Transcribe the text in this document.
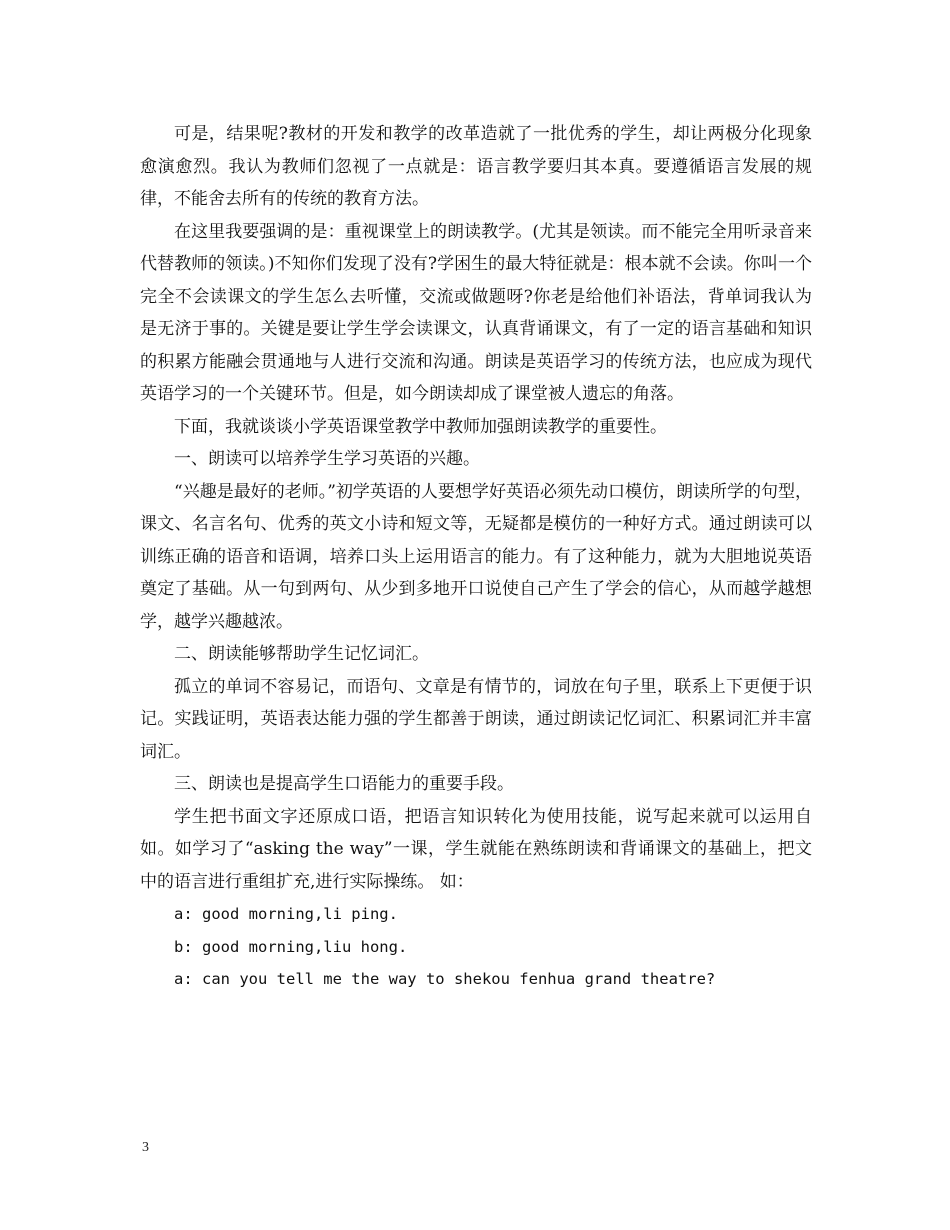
可是，结果呢?教材的开发和教学的改革造就了一批优秀的学生，却让两极分化现象愈演愈烈。我认为教师们忽视了一点就是：语言教学要归其本真。要遵循语言发展的规律，不能舍去所有的传统的教育方法。

在这里我要强调的是：重视课堂上的朗读教学。(尤其是领读。而不能完全用听录音来代替教师的领读。)不知你们发现了没有?学困生的最大特征就是：根本就不会读。你叫一个完全不会读课文的学生怎么去听懂，交流或做题呀?你老是给他们补语法，背单词我认为是无济于事的。关键是要让学生学会读课文，认真背诵课文，有了一定的语言基础和知识的积累方能融会贯通地与人进行交流和沟通。朗读是英语学习的传统方法，也应成为现代英语学习的一个关键环节。但是，如今朗读却成了课堂被人遗忘的角落。

下面，我就谈谈小学英语课堂教学中教师加强朗读教学的重要性。

一、朗读可以培养学生学习英语的兴趣。

“兴趣是最好的老师。”初学英语的人要想学好英语必须先动口模仿，朗读所学的句型，课文、名言名句、优秀的英文小诗和短文等，无疑都是模仿的一种好方式。通过朗读可以训练正确的语音和语调，培养口头上运用语言的能力。有了这种能力，就为大胆地说英语奠定了基础。从一句到两句、从少到多地开口说使自己产生了学会的信心，从而越学越想学，越学兴趣越浓。

二、朗读能够帮助学生记忆词汇。

孤立的单词不容易记，而语句、文章是有情节的，词放在句子里，联系上下更便于识记。实践证明，英语表达能力强的学生都善于朗读，通过朗读记忆词汇、积累词汇并丰富词汇。

三、朗读也是提高学生口语能力的重要手段。

学生把书面文字还原成口语，把语言知识转化为使用技能，说写起来就可以运用自如。如学习了“asking the way”一课，学生就能在熟练朗读和背诵课文的基础上，把文中的语言进行重组扩充,进行实际操练。 如：

a: good morning,li ping.

b: good morning,liu hong.

a: can you tell me the way to shekou fenhua grand theatre?

3
